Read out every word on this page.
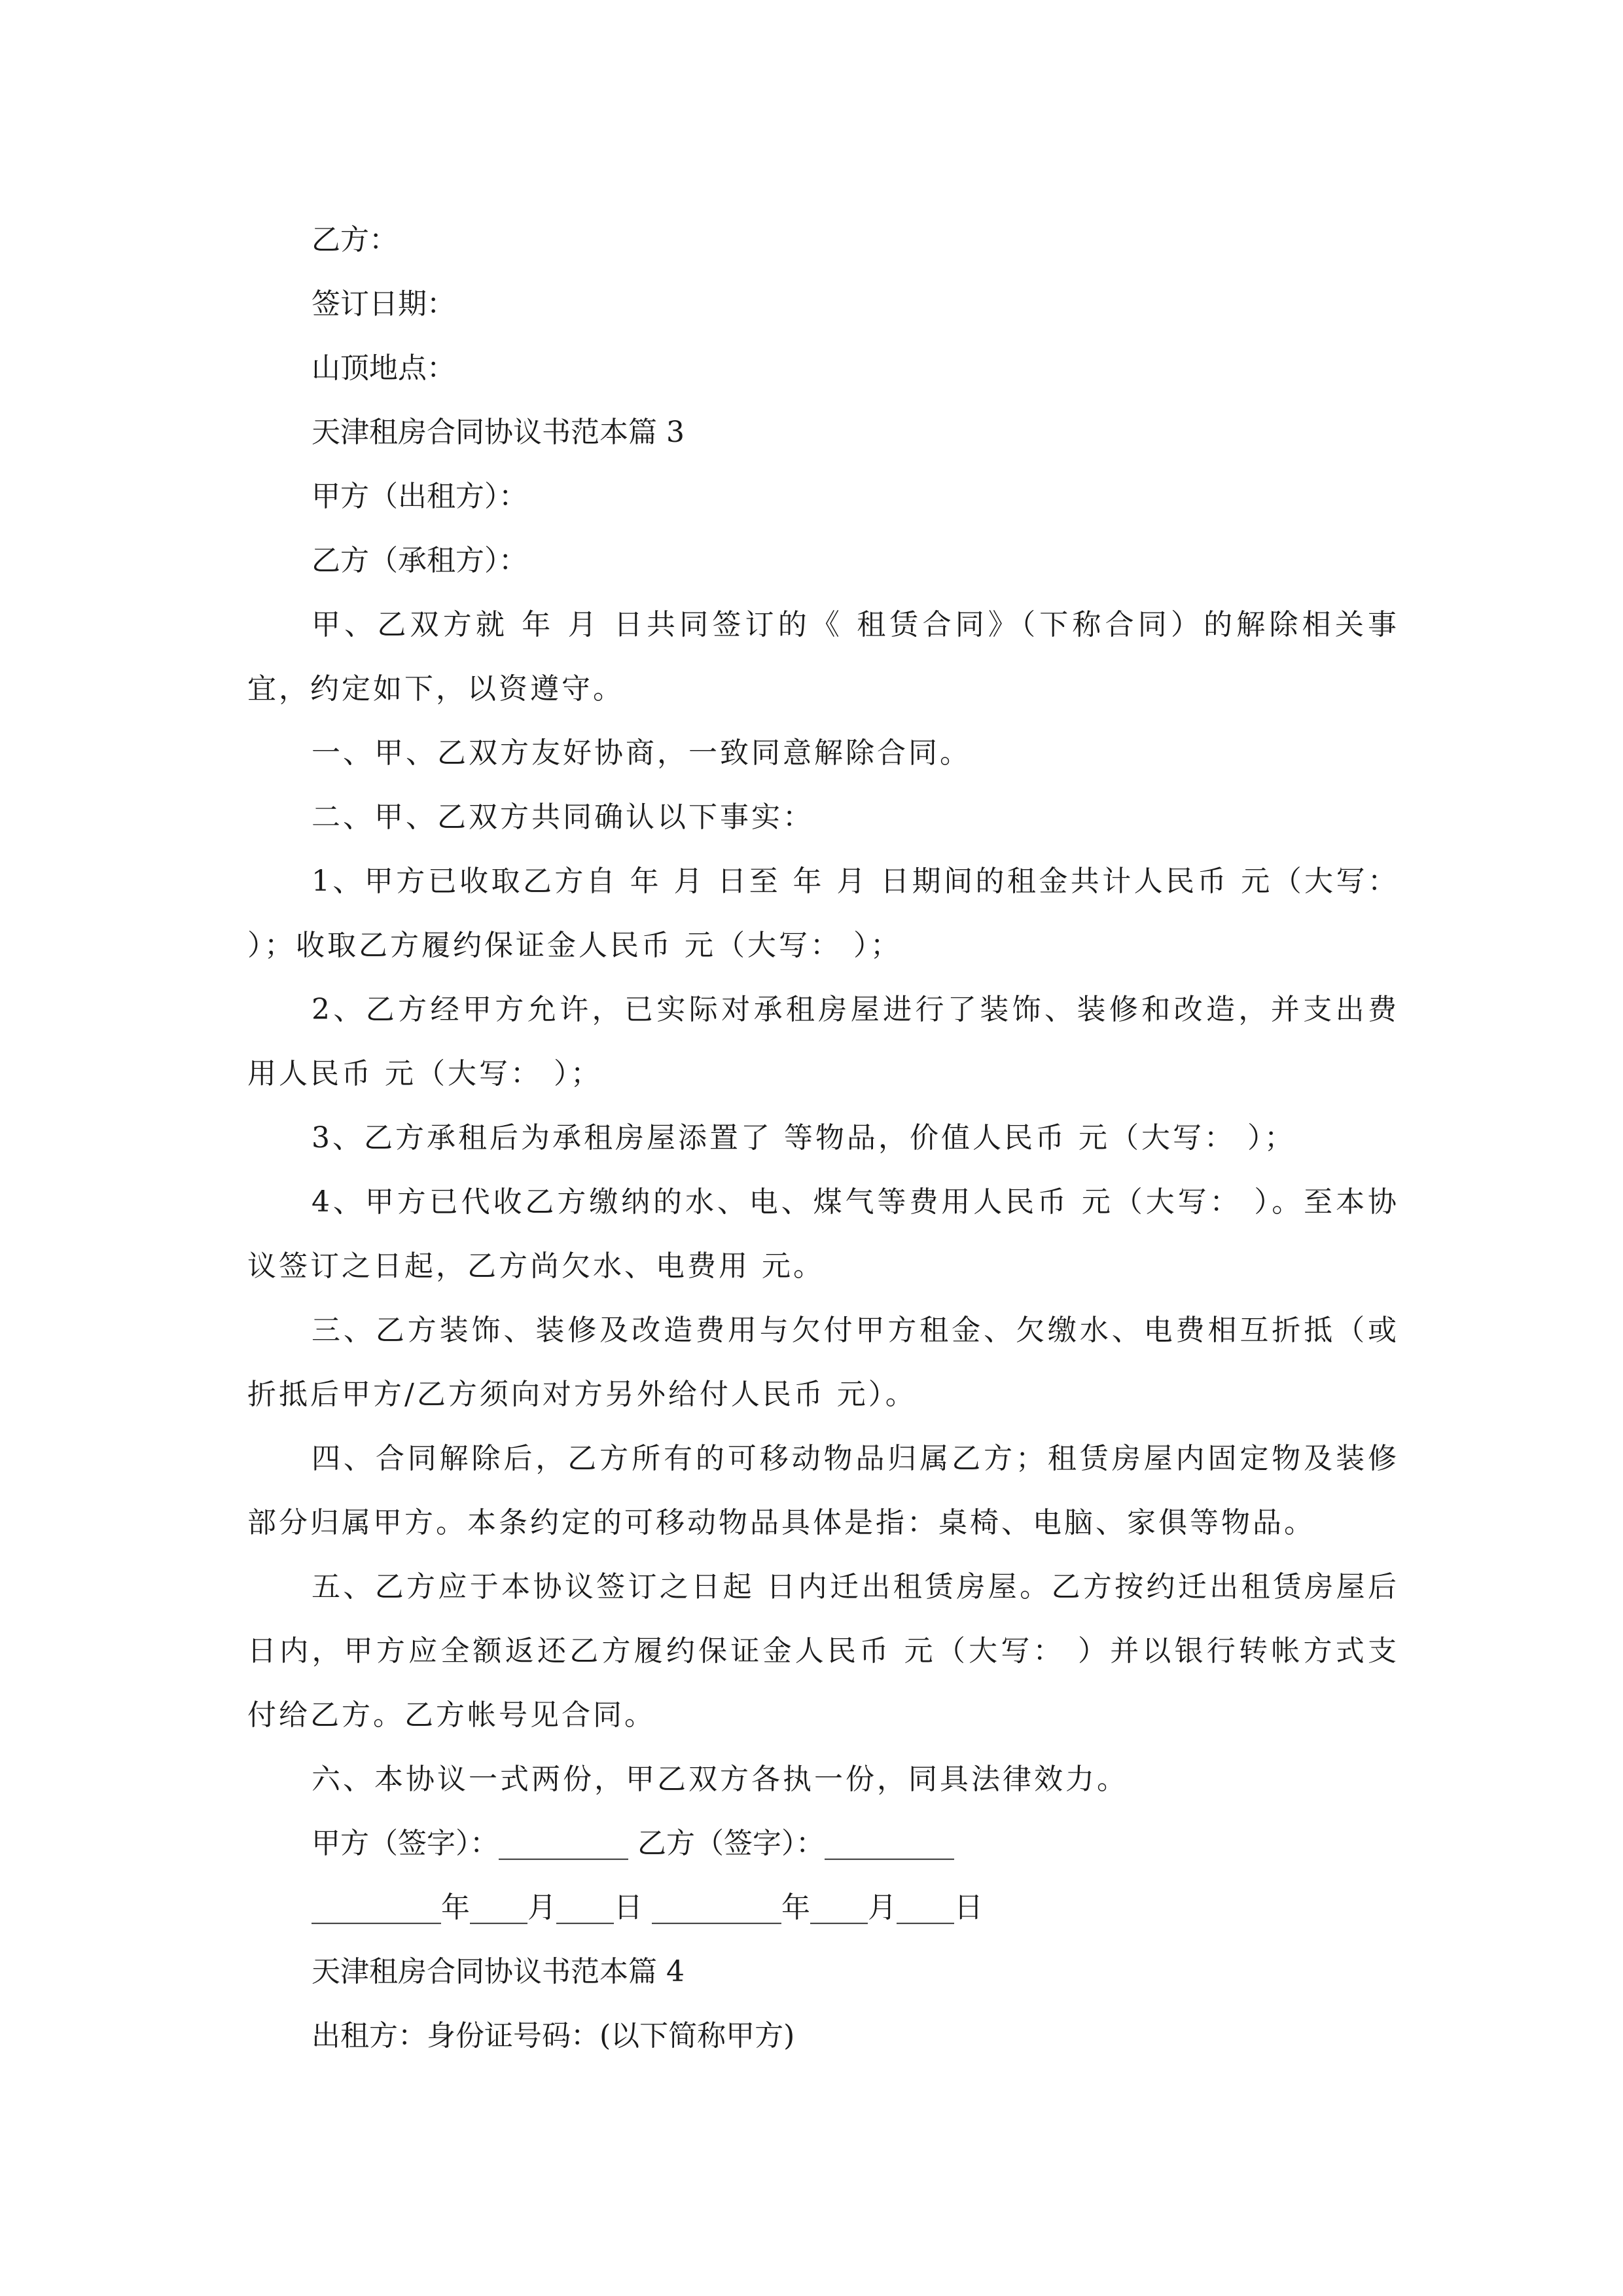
乙方：
签订日期：
山顶地点：
天津租房合同协议书范本篇 3
甲方（出租方）：
乙方（承租方）：
甲、乙双方就 年 月 日共同签订的《 租赁合同》（下称合同）的解除相关事宜，约定如下，以资遵守。
一、甲、乙双方友好协商，一致同意解除合同。
二、甲、乙双方共同确认以下事实：
1、甲方已收取乙方自 年 月 日至 年 月 日期间的租金共计人民币 元（大写： ）；收取乙方履约保证金人民币 元（大写： ）；
2、乙方经甲方允许，已实际对承租房屋进行了装饰、装修和改造，并支出费用人民币 元（大写： ）；
3、乙方承租后为承租房屋添置了 等物品，价值人民币 元（大写： ）；
4、甲方已代收乙方缴纳的水、电、煤气等费用人民币 元（大写： ）。至本协议签订之日起，乙方尚欠水、电费用 元。
三、乙方装饰、装修及改造费用与欠付甲方租金、欠缴水、电费相互折抵（或折抵后甲方/乙方须向对方另外给付人民币 元）。
四、合同解除后，乙方所有的可移动物品归属乙方；租赁房屋内固定物及装修部分归属甲方。本条约定的可移动物品具体是指：桌椅、电脑、家俱等物品。
五、乙方应于本协议签订之日起 日内迁出租赁房屋。乙方按约迁出租赁房屋后 日内，甲方应全额返还乙方履约保证金人民币 元（大写： ）并以银行转帐方式支付给乙方。乙方帐号见合同。
六、本协议一式两份，甲乙双方各执一份，同具法律效力。
甲方（签字）：_________ 乙方（签字）：_________
_________年____月____日 _________年____月____日
天津租房合同协议书范本篇 4
出租方：身份证号码：(以下简称甲方)
